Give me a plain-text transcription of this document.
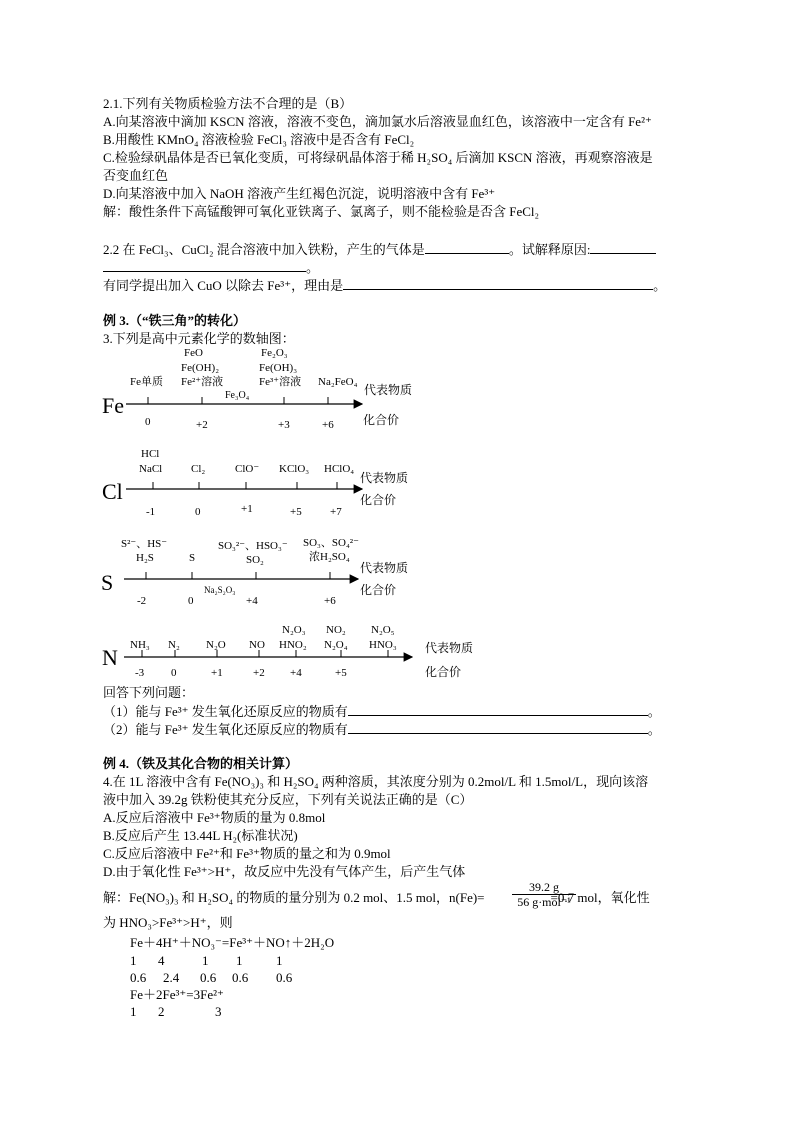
2.1.下列有关物质检验方法不合理的是（B）
A.向某溶液中滴加 KSCN 溶液，溶液不变色，滴加氯水后溶液显血红色，该溶液中一定含有 Fe²⁺
B.用酸性 KMnO₄ 溶液检验 FeCl₃ 溶液中是否含有 FeCl₂
C.检验绿矾晶体是否已氧化变质，可将绿矾晶体溶于稀 H₂SO₄ 后滴加 KSCN 溶液，再观察溶液是
否变血红色
D.向某溶液中加入 NaOH 溶液产生红褐色沉淀，说明溶液中含有 Fe³⁺
解：酸性条件下高锰酸钾可氧化亚铁离子、氯离子，则不能检验是否含 FeCl₂
2.2 在 FeCl₃、CuCl₂ 混合溶液中加入铁粉，产生的气体是	。试解释原因:
。
有同学提出加入 CuO 以除去 Fe³⁺，理由是	。
例 3.（“铁三角”的转化）
3.下列是高中元素化学的数轴图：
Fe
Fe单质
FeO
Fe(OH)₂
Fe²⁺溶液
Fe₂O₃
Fe(OH)₃
Fe³⁺溶液 Na₂FeO₄
Fe₃O₄
0	+2	+3	+6
代表物质
化合价
Cl
HCl
NaCl	Cl₂	ClO⁻ KClO₃ HClO₄
-1	0	+1	+5	+7
代表物质
化合价
S
S²⁻、HS⁻
H₂S	S
SO₃²⁻、HSO₃⁻
SO₂
SO₃、SO₄²⁻
浓H₂SO₄
Na₂S₂O₃
-2	0	+4	+6
代表物质
化合价
N NH₃ N₂ N₂O NO
N₂O₃
HNO₂
NO₂
N₂O₄
N₂O₅
HNO₃
-3 0	+1	+2 +4	+5
代表物质
化合价
回答下列问题：
（1）能与 Fe³⁺ 发生氧化还原反应的物质有	。
（2）能与 Fe³⁺ 发生氧化还原反应的物质有	。
例 4.（铁及其化合物的相关计算）
4.在 1L 溶液中含有 Fe(NO₃)₃ 和 H₂SO₄ 两种溶质，其浓度分别为 0.2mol/L 和 1.5mol/L，现向该溶
液中加入 39.2g 铁粉使其充分反应，下列有关说法正确的是（C）
A.反应后溶液中 Fe³⁺物质的量为 0.8mol
B.反应后产生 13.44L H₂(标准状况)
C.反应后溶液中 Fe²⁺和 Fe³⁺物质的量之和为 0.9mol
D.由于氧化性 Fe³⁺>H⁺，故反应中先没有气体产生，后产生气体
解：Fe(NO₃)₃ 和 H₂SO₄ 的物质的量分别为 0.2 mol、1.5 mol，n(Fe)=	=0.7 mol，氧化性
39.2 g
56 g·mol⁻¹
为 HNO₃>Fe³⁺>H⁺，则
Fe＋4H⁺＋NO₃⁻=Fe³⁺＋NO↑＋2H₂O
1 4	1 1	1
0.6 2.4 0.6 0.6 0.6
Fe＋2Fe³⁺=3Fe²⁺
1 2	3
